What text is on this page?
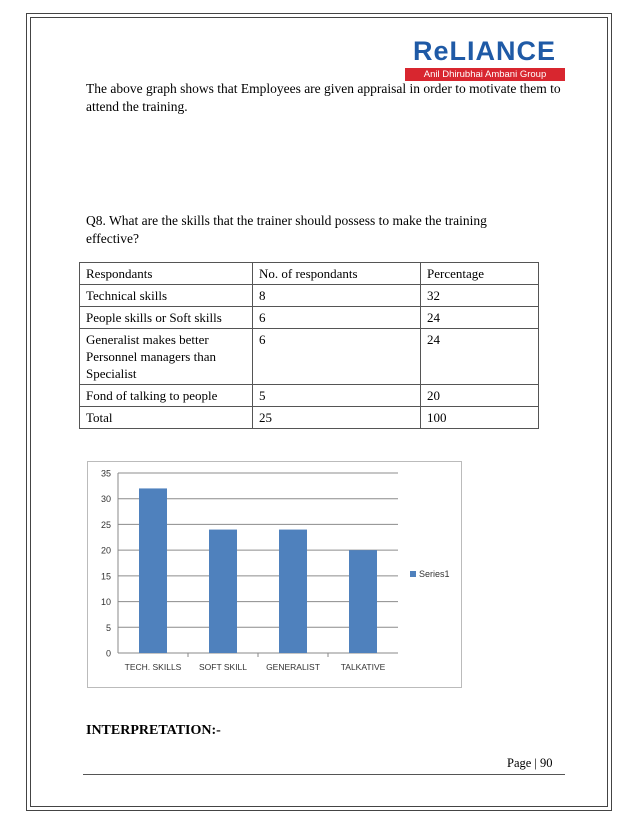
ReLIANCE
Anil Dhirubhai Ambani Group
The above graph shows that Employees are given appraisal in order to motivate them to attend the training.
Q8. What are the skills that the trainer should possess to make the training effective?
Respondants	No. of respondants	Percentage
Technical skills	8	32
People skills or Soft skills	6	24
Generalist makes better Personnel managers than Specialist	6	24
Fond of talking to people	5	20
Total	25	100
0
5
10
15
20
25
30
35
TECH. SKILLS SOFT SKILL GENERALIST TALKATIVE
Series1
INTERPRETATION:-
Page | 90
